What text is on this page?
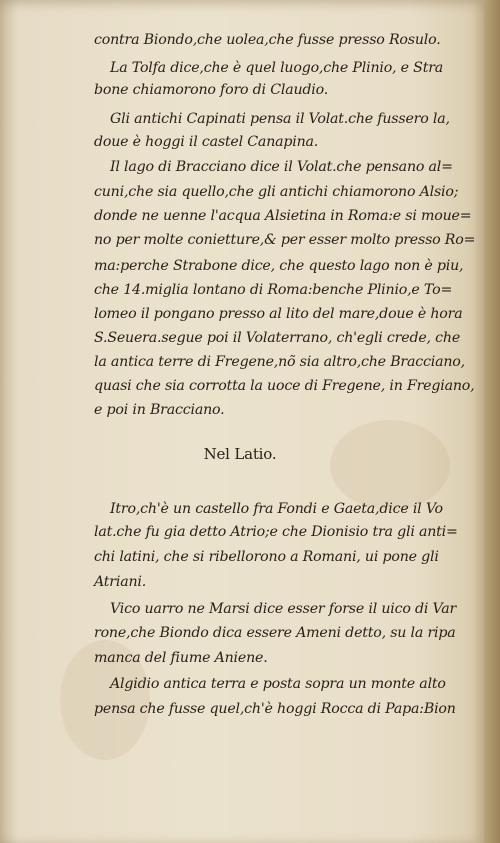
contra Biondo,che uolea,che fusse presso Rosulo.
La Tolfa dice,che è quel luogo,che Plinio, e Stra
bone chiamorono foro di Claudio.
Gli antichi Capinati pensa il Volat.che fussero la,
doue è hoggi il castel Canapina.
Il lago di Bracciano dice il Volat.che pensano al=
cuni,che sia quello,che gli antichi chiamorono Alsio;
donde ne uenne l'acqua Alsietina in Roma:e si moue=
no per molte conietture,& per esser molto presso Ro=
ma:perche Strabone dice, che questo lago non è piu,
che 14.miglia lontano di Roma:benche Plinio,e To=
lomeo il pongano presso al lito del mare,doue è hora
S.Seuera.segue poi il Volaterrano, ch'egli crede, che
la antica terre di Fregene,nõ sia altro,che Bracciano,
quasi che sia corrotta la uoce di Fregene, in Fregiano,
e poi in Bracciano.
Nel Latio.
Itro,ch'è un castello fra Fondi e Gaeta,dice il Vo
lat.che fu gia detto Atrio;e che Dionisio tra gli anti=
chi latini, che si ribellorono a Romani, ui pone gli
Atriani.
Vico uarro ne Marsi dice esser forse il uico di Var
rone,che Biondo dica essere Ameni detto, su la ripa
manca del fiume Aniene.
Algidio antica terra e posta sopra un monte alto
pensa che fusse quel,ch'è hoggi Rocca di Papa:Bion
